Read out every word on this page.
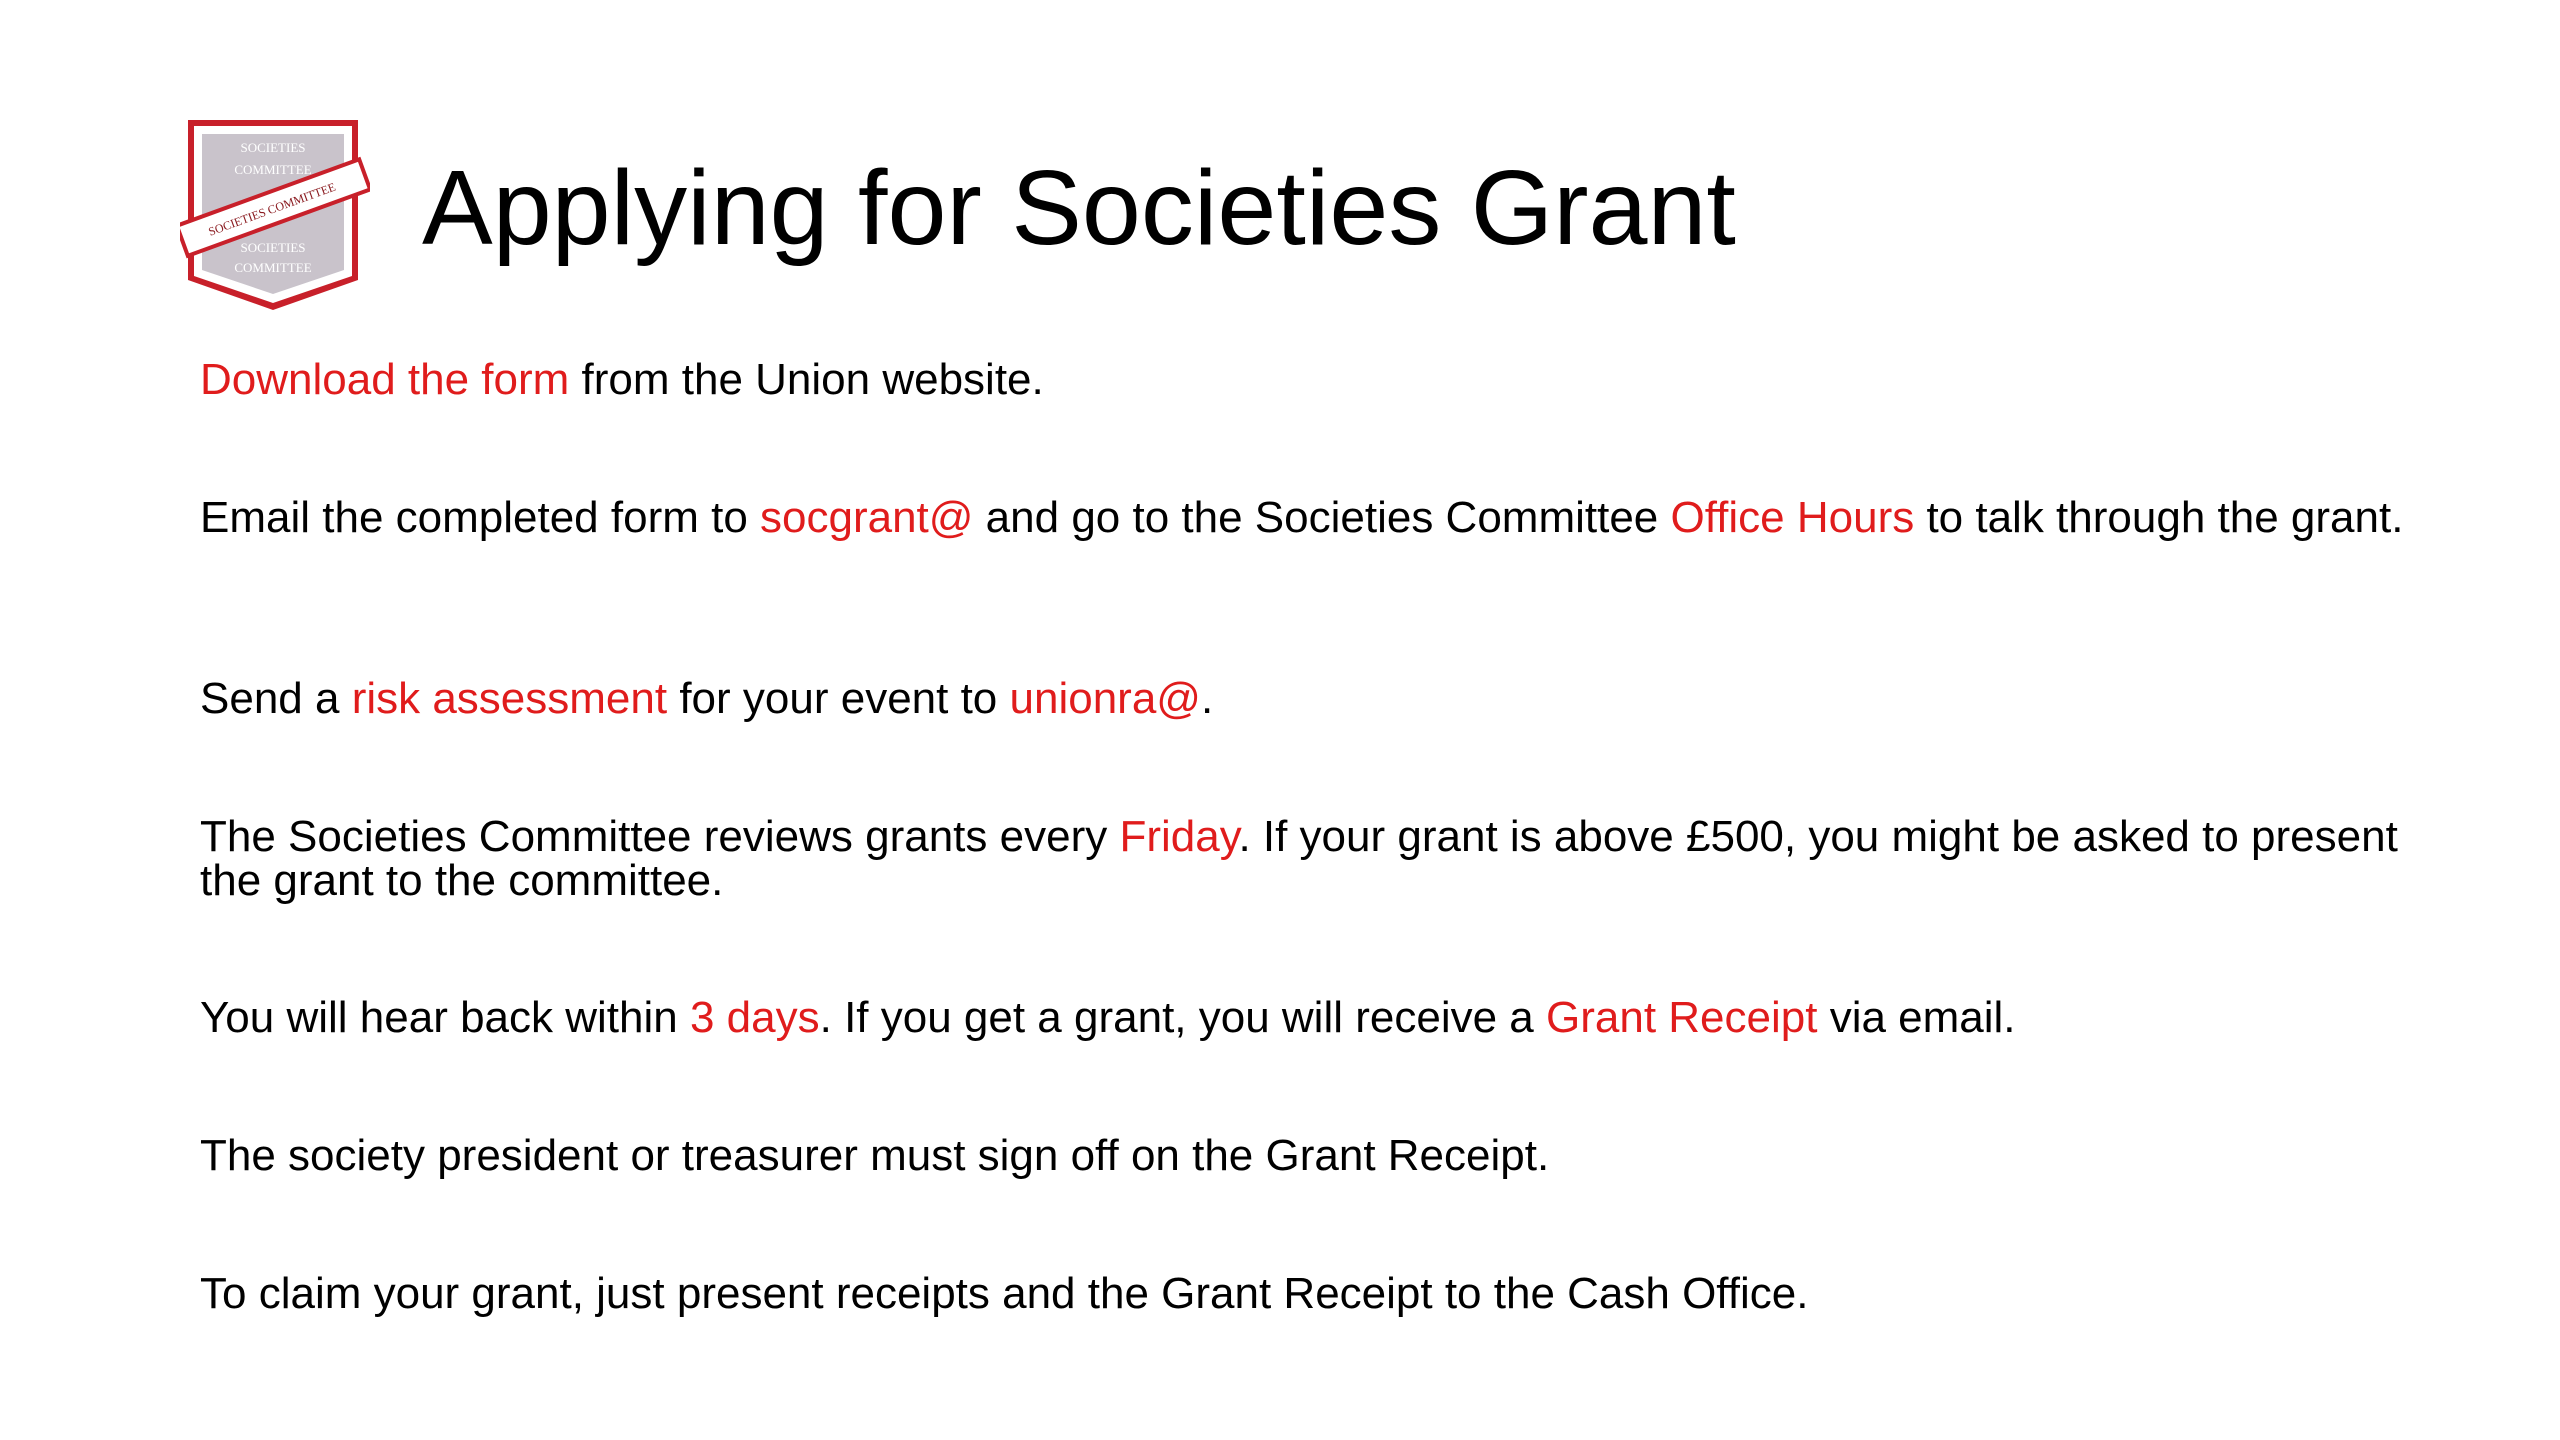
SOCIETIES
COMMITTEE
SOCIETIES
COMMITTEE
SOCIETIES COMMITTEE Applying for Societies Grant
Download the form from the Union website.
Email the completed form to socgrant@ and go to the Societies Committee Office Hours to talk through the grant.
Send a risk assessment for your event to unionra@.
The Societies Committee reviews grants every Friday. If your grant is above £500, you might be asked to present the grant to the committee.
You will hear back within 3 days. If you get a grant, you will receive a Grant Receipt via email.
The society president or treasurer must sign off on the Grant Receipt.
To claim your grant, just present receipts and the Grant Receipt to the Cash Office.
